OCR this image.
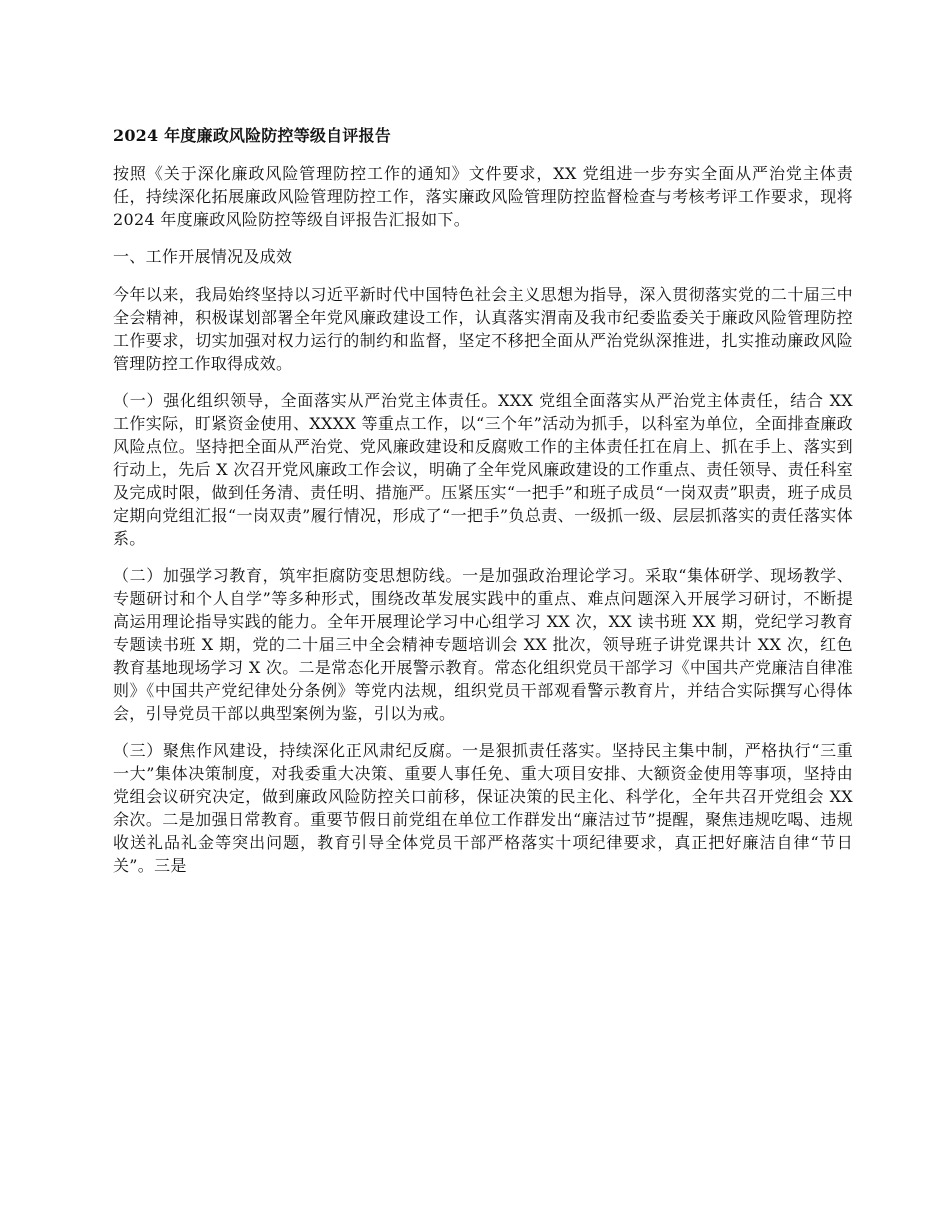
2024 年度廉政风险防控等级自评报告

按照《关于深化廉政风险管理防控工作的通知》文件要求，XX 党组进一步夯实全面从严治党主体责任，持续深化拓展廉政风险管理防控工作，落实廉政风险管理防控监督检查与考核考评工作要求，现将 2024 年度廉政风险防控等级自评报告汇报如下。

一、工作开展情况及成效

今年以来，我局始终坚持以习近平新时代中国特色社会主义思想为指导，深入贯彻落实党的二十届三中全会精神，积极谋划部署全年党风廉政建设工作，认真落实渭南及我市纪委监委关于廉政风险管理防控工作要求，切实加强对权力运行的制约和监督，坚定不移把全面从严治党纵深推进，扎实推动廉政风险管理防控工作取得成效。

（一）强化组织领导，全面落实从严治党主体责任。XXX 党组全面落实从严治党主体责任，结合 XX 工作实际，盯紧资金使用、XXXX 等重点工作，以“三个年”活动为抓手，以科室为单位，全面排查廉政风险点位。坚持把全面从严治党、党风廉政建设和反腐败工作的主体责任扛在肩上、抓在手上、落实到行动上，先后 X 次召开党风廉政工作会议，明确了全年党风廉政建设的工作重点、责任领导、责任科室及完成时限，做到任务清、责任明、措施严。压紧压实“一把手”和班子成员“一岗双责”职责，班子成员定期向党组汇报“一岗双责”履行情况，形成了“一把手”负总责、一级抓一级、层层抓落实的责任落实体系。

（二）加强学习教育，筑牢拒腐防变思想防线。一是加强政治理论学习。采取“集体研学、现场教学、专题研讨和个人自学”等多种形式，围绕改革发展实践中的重点、难点问题深入开展学习研讨，不断提高运用理论指导实践的能力。全年开展理论学习中心组学习 XX 次，XX 读书班 XX 期，党纪学习教育专题读书班 X 期，党的二十届三中全会精神专题培训会 XX 批次，领导班子讲党课共计 XX 次，红色教育基地现场学习 X 次。二是常态化开展警示教育。常态化组织党员干部学习《中国共产党廉洁自律准则》《中国共产党纪律处分条例》等党内法规，组织党员干部观看警示教育片，并结合实际撰写心得体会，引导党员干部以典型案例为鉴，引以为戒。

（三）聚焦作风建设，持续深化正风肃纪反腐。一是狠抓责任落实。坚持民主集中制，严格执行“三重一大”集体决策制度，对我委重大决策、重要人事任免、重大项目安排、大额资金使用等事项，坚持由党组会议研究决定，做到廉政风险防控关口前移，保证决策的民主化、科学化，全年共召开党组会 XX 余次。二是加强日常教育。重要节假日前党组在单位工作群发出“廉洁过节”提醒，聚焦违规吃喝、违规收送礼品礼金等突出问题，教育引导全体党员干部严格落实十项纪律要求，真正把好廉洁自律“节日关”。三是
